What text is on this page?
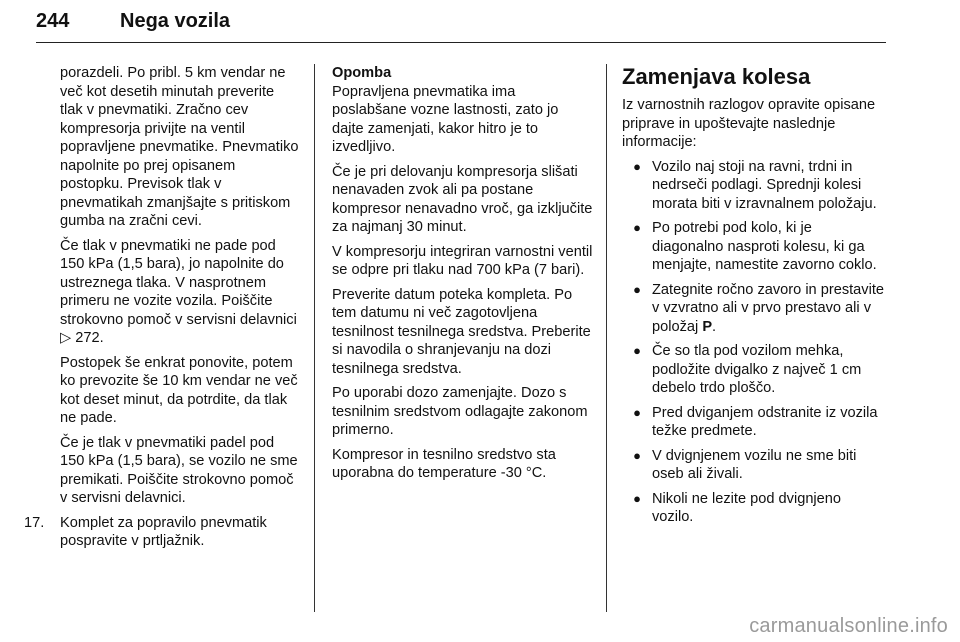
244	Nega vozila

porazdeli. Po pribl. 5 km vendar ne več kot desetih minutah preverite tlak v pnevmatiki. Zračno cev kompresorja privijte na ventil popravljene pnevmatike. Pnevmatiko napolnite po prej opisanem postopku. Previsok tlak v pnevmatikah zmanjšajte s pritiskom gumba na zračni cevi.

Če tlak v pnevmatiki ne pade pod 150 kPa (1,5 bara), jo napolnite do ustreznega tlaka. V nasprotnem primeru ne vozite vozila. Poiščite strokovno pomoč v servisni delavnici ▷ 272.

Postopek še enkrat ponovite, potem ko prevozite še 10 km vendar ne več kot deset minut, da potrdite, da tlak ne pade.

Če je tlak v pnevmatiki padel pod 150 kPa (1,5 bara), se vozilo ne sme premikati. Poiščite strokovno pomoč v servisni delavnici.

17.	Komplet za popravilo pnevmatik pospravite v prtljažnik.
Opomba

Popravljena pnevmatika ima poslabšane vozne lastnosti, zato jo dajte zamenjati, kakor hitro je to izvedljivo.

Če je pri delovanju kompresorja slišati nenavaden zvok ali pa postane kompresor nenavadno vroč, ga izključite za najmanj 30 minut.

V kompresorju integriran varnostni ventil se odpre pri tlaku nad 700 kPa (7 bari).

Preverite datum poteka kompleta. Po tem datumu ni več zagotovljena tesnilnost tesnilnega sredstva. Preberite si navodila o shranjevanju na dozi tesnilnega sredstva.

Po uporabi dozo zamenjajte. Dozo s tesnilnim sredstvom odlagajte zakonom primerno.

Kompresor in tesnilno sredstvo sta uporabna do temperature -30 °C.

Zamenjava kolesa

Iz varnostnih razlogov opravite opisane priprave in upoštevajte naslednje informacije:

● Vozilo naj stoji na ravni, trdni in nedrseči podlagi. Sprednji kolesi morata biti v izravnalnem položaju.
● Po potrebi pod kolo, ki je diagonalno nasproti kolesu, ki ga menjajte, namestite zavorno coklo.
● Zategnite ročno zavoro in prestavite v vzvratno ali v prvo prestavo ali v položaj P.
● Če so tla pod vozilom mehka, podložite dvigalko z največ 1 cm debelo trdo ploščo.
● Pred dviganjem odstranite iz vozila težke predmete.
● V dvignjenem vozilu ne sme biti oseb ali živali.
● Nikoli ne lezite pod dvignjeno vozilo.
carmanualsonline.info
